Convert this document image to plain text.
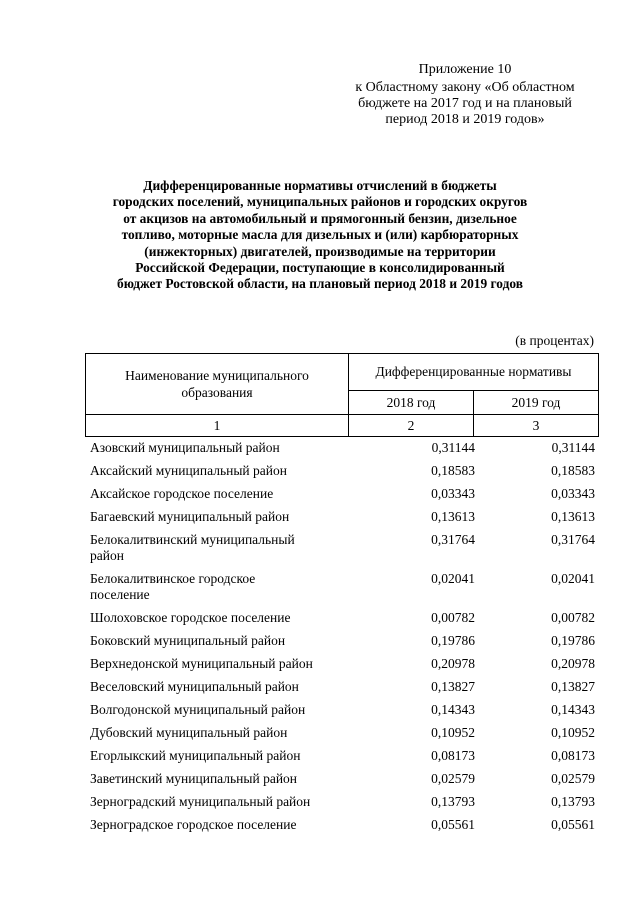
Приложение 10
к Областному закону «Об областном
бюджете на 2017 год и на плановый
период 2018 и 2019 годов»
Дифференцированные нормативы отчислений в бюджеты
городских поселений, муниципальных районов и городских округов
от акцизов на автомобильный и прямогонный бензин, дизельное
топливо, моторные масла для дизельных и (или) карбюраторных
(инжекторных) двигателей, производимые на территории
Российской Федерации, поступающие в консолидированный
бюджет Ростовской области, на плановый период 2018 и 2019 годов
(в процентах)
Наименование муниципального
образования	Дифференцированные нормативы	
	2018 год	2019 год
1	2	3
Азовский муниципальный район	0,31144	0,31144

Аксайский муниципальный район	0,18583	0,18583

Аксайское городское поселение	0,03343	0,03343

Багаевский муниципальный район	0,13613	0,13613

Белокалитвинский муниципальный
район	0,31764	0,31764

Белокалитвинское городское
поселение	0,02041	0,02041

Шолоховское городское поселение	0,00782	0,00782

Боковский муниципальный район	0,19786	0,19786

Верхнедонской муниципальный район	0,20978	0,20978

Веселовский муниципальный район	0,13827	0,13827

Волгодонской муниципальный район	0,14343	0,14343

Дубовский муниципальный район	0,10952	0,10952

Егорлыкский муниципальный район	0,08173	0,08173

Заветинский муниципальный район	0,02579	0,02579

Зерноградский муниципальный район	0,13793	0,13793

Зерноградское городское поселение	0,05561	0,05561
